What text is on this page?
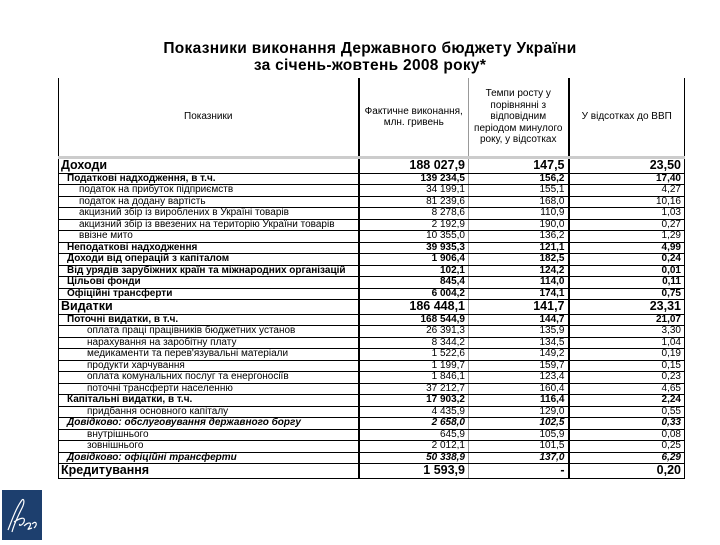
Показники виконання Державного бюджету України
за січень-жовтень 2008 року*
Показники	Фактичне виконання, млн. гривень	Темпи росту у порівнянні з відповідним періодом минулого року, у відсотках	У відсотках до ВВП
Доходи	188 027,9	147,5	23,50
Податкові надходження, в т.ч.	139 234,5	156,2	17,40
податок на прибуток підприємств	34 199,1	155,1	4,27
податок на додану вартість	81 239,6	168,0	10,16
акцизний збір із вироблених в Україні товарів	8 278,6	110,9	1,03
акцизний збір із ввезених на територію України товарів	2 192,9	190,0	0,27
ввізне мито	10 355,0	136,2	1,29
Неподаткові надходження	39 935,3	121,1	4,99
Доходи від операцій з капіталом	1 906,4	182,5	0,24
Від урядів зарубіжних країн та міжнародних організацій	102,1	124,2	0,01
Цільові фонди	845,4	114,0	0,11
Офіційні трансферти	6 004,2	174,1	0,75
Видатки	186 448,1	141,7	23,31
Поточні видатки, в т.ч.	168 544,9	144,7	21,07
оплата праці працівників бюджетних установ	26 391,3	135,9	3,30
нарахування на заробітну плату	8 344,2	134,5	1,04
медикаменти та перев'язувальні матеріали	1 522,6	149,2	0,19
продукти харчування	1 199,7	159,7	0,15
оплата комунальних послуг та енергоносіїв	1 846,1	123,4	0,23
поточні трансферти населенню	37 212,7	160,4	4,65
Капітальні видатки, в т.ч.	17 903,2	116,4	2,24
придбання основного капіталу	4 435,9	129,0	0,55
Довідково: обслуговування державного боргу	2 658,0	102,5	0,33
внутрішнього	645,9	105,9	0,08
зовнішнього	2 012,1	101,5	0,25
Довідково: офіційні трансферти	50 338,9	137,0	6,29
Кредитування	1 593,9	-	0,20
